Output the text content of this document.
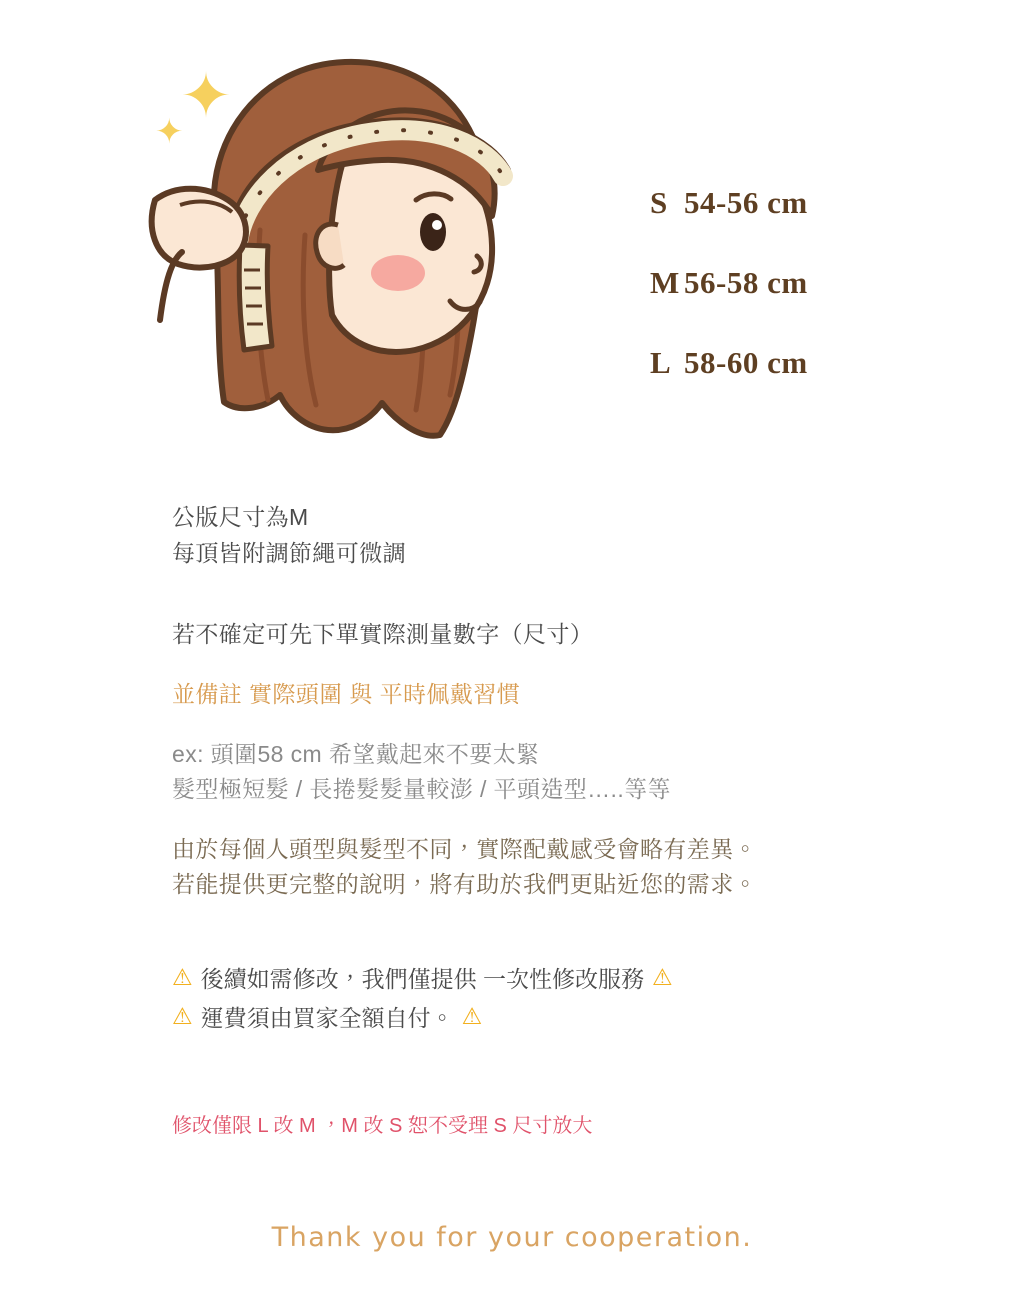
✦
✦
S 54-56 cm
M 56-58 cm
L 58-60 cm

公版尺寸為M
每頂皆附調節繩可微調

若不確定可先下單實際測量數字（尺寸）

並備註 實際頭圍 與 平時佩戴習慣

ex: 頭圍58 cm 希望戴起來不要太緊
髮型極短髮 / 長捲髮髮量較澎 / 平頭造型…..等等

由於每個人頭型與髮型不同，實際配戴感受會略有差異。
若能提供更完整的說明，將有助於我們更貼近您的需求。

⚠ 後續如需修改，我們僅提供 一次性修改服務 ⚠
⚠ 運費須由買家全額自付。 ⚠

修改僅限 L 改 M ，M 改 S 恕不受理 S 尺寸放大

Thank you for your cooperation.
